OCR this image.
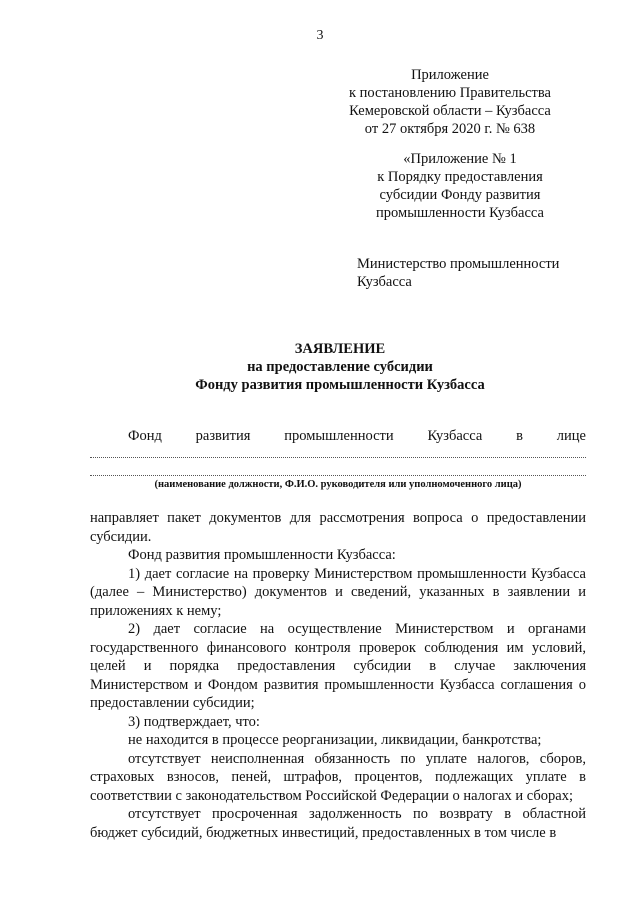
3
Приложение
к постановлению Правительства
Кемеровской области – Кузбасса
от 27 октября 2020 г. № 638
«Приложение № 1
к Порядку предоставления
субсидии Фонду развития
промышленности Кузбасса
Министерство промышленности
Кузбасса
ЗАЯВЛЕНИЕ
на предоставление субсидии
Фонду развития промышленности Кузбасса
Фонд развития промышленности Кузбасса в лице
(наименование должности, Ф.И.О. руководителя или уполномоченного лица)

направляет пакет документов для рассмотрения вопроса о предоставлении субсидии.

Фонд развития промышленности Кузбасса:

1) дает согласие на проверку Министерством промышленности Кузбасса (далее – Министерство) документов и сведений, указанных в заявлении и приложениях к нему;

2) дает согласие на осуществление Министерством и органами государственного финансового контроля проверок соблюдения им условий, целей и порядка предоставления субсидии в случае заключения Министерством и Фондом развития промышленности Кузбасса соглашения о предоставлении субсидии;

3) подтверждает, что:

не находится в процессе реорганизации, ликвидации, банкротства;

отсутствует неисполненная обязанность по уплате налогов, сборов, страховых взносов, пеней, штрафов, процентов, подлежащих уплате в соответствии с законодательством Российской Федерации о налогах и сборах;

отсутствует просроченная задолженность по возврату в областной бюджет субсидий, бюджетных инвестиций, предоставленных в том числе в
